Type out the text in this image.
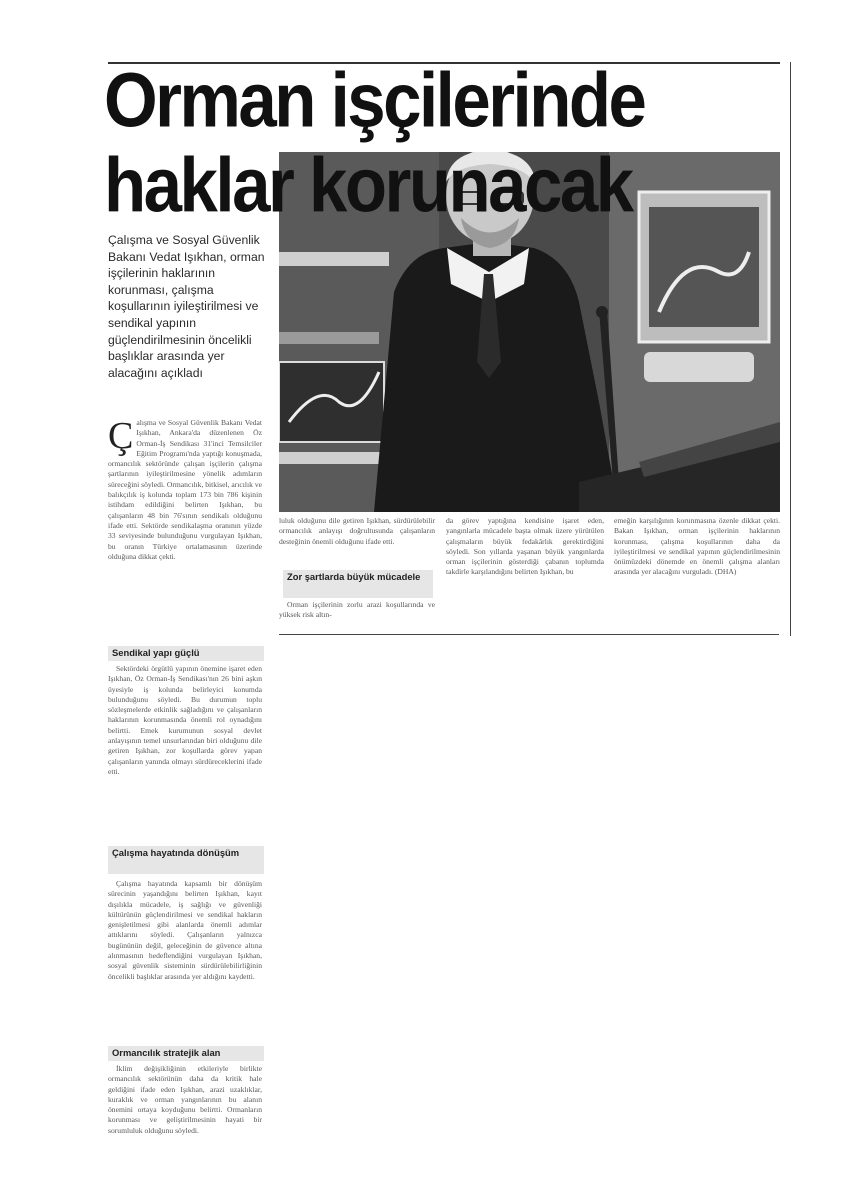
Orman işçilerinde haklar korunacak

Çalışma ve Sosyal Güvenlik Bakanı Vedat Işıkhan, orman işçilerinin haklarının korunması, çalışma koşullarının iyileştirilmesi ve sendikal yapının güçlendirilmesinin öncelikli başlıklar arasında yer alacağını açıkladı

Ç alışma ve Sosyal Güvenlik Bakanı Vedat Işıkhan, Ankara'da düzenlenen Öz Orman-İş Sendikası 31'inci Temsilciler Eğitim Programı'nda yaptığı konuşmada, ormancılık sektöründe çalışan işçilerin çalışma şartlarının iyileştirilmesine yönelik adımların süreceğini söyledi. Ormancılık, bitkisel, arıcılık ve balıkçılık iş kolunda toplam 173 bin 786 kişinin istihdam edildiğini belirten Işıkhan, bu çalışanların 48 bin 76'sının sendikalı olduğunu ifade etti. Sektörde sendikalaşma oranının yüzde 33 seviyesinde bulunduğunu vurgulayan Işıkhan, bu oranın Türkiye ortalamasının üzerinde olduğuna dikkat çekti.
Sendikal yapı güçlü

Sektördeki örgütlü yapının önemine işaret eden Işıkhan, Öz Orman-İş Sendikası'nın 26 bini aşkın üyesiyle iş kolunda belirleyici konumda bulunduğunu söyledi. Bu durumun toplu sözleşmelerde etkinlik sağladığını ve çalışanların haklarının korunmasında önemli rol oynadığını belirtti. Emek kurumunun sosyal devlet anlayışının temel unsurlarından biri olduğunu dile getiren Işıkhan, zor koşullarda görev yapan çalışanların yanında olmayı sürdüreceklerini ifade etti.

Çalışma hayatında dönüşüm

Çalışma hayatında kapsamlı bir dönüşüm sürecinin yaşandığını belirten Işıkhan, kayıt dışılıkla mücadele, iş sağlığı ve güvenliği kültürünün güçlendirilmesi ve sendikal hakların genişletilmesi gibi alanlarda önemli adımlar attıklarını söyledi. Çalışanların yalnızca bugününün değil, geleceğinin de güvence altına alınmasının hedeflendiğini vurgulayan Işıkhan, sosyal güvenlik sisteminin sürdürülebilirliğinin öncelikli başlıklar arasında yer aldığını kaydetti.

Ormancılık stratejik alan

İklim değişikliğinin etkileriyle birlikte ormancılık sektörünün daha da kritik hale geldiğini ifade eden Işıkhan, arazi uzaklıklar, kuraklık ve orman yangınlarının bu alanın önemini ortaya koyduğunu belirtti. Ormanların korunması ve geliştirilmesinin hayati bir sorumluluk olduğunu söyledi.

luluk olduğunu dile getiren Işıkhan, sürdürülebilir ormancılık anlayışı doğrultusunda çalışanların desteğinin önemli olduğunu ifade etti.

Zor şartlarda büyük mücadele

Orman işçilerinin zorlu arazi koşullarında ve yüksek risk altın-

da görev yaptığına kendisine işaret eden, yangınlarla mücadele başta olmak üzere yürütülen çalışmaların büyük fedakârlık gerektirdiğini söyledi. Son yıllarda yaşanan büyük yangınlarda orman işçilerinin gösterdiği çabanın toplumda takdirle karşılandığını belirten Işıkhan, bu

emeğin karşılığının korunmasına özenle dikkat çekti. Bakan Işıkhan, orman işçilerinin haklarının korunması, çalışma koşullarının daha da iyileştirilmesi ve sendikal yapının güçlendirilmesinin önümüzdeki dönemde en önemli çalışma alanları arasında yer alacağını vurguladı. (DHA)
